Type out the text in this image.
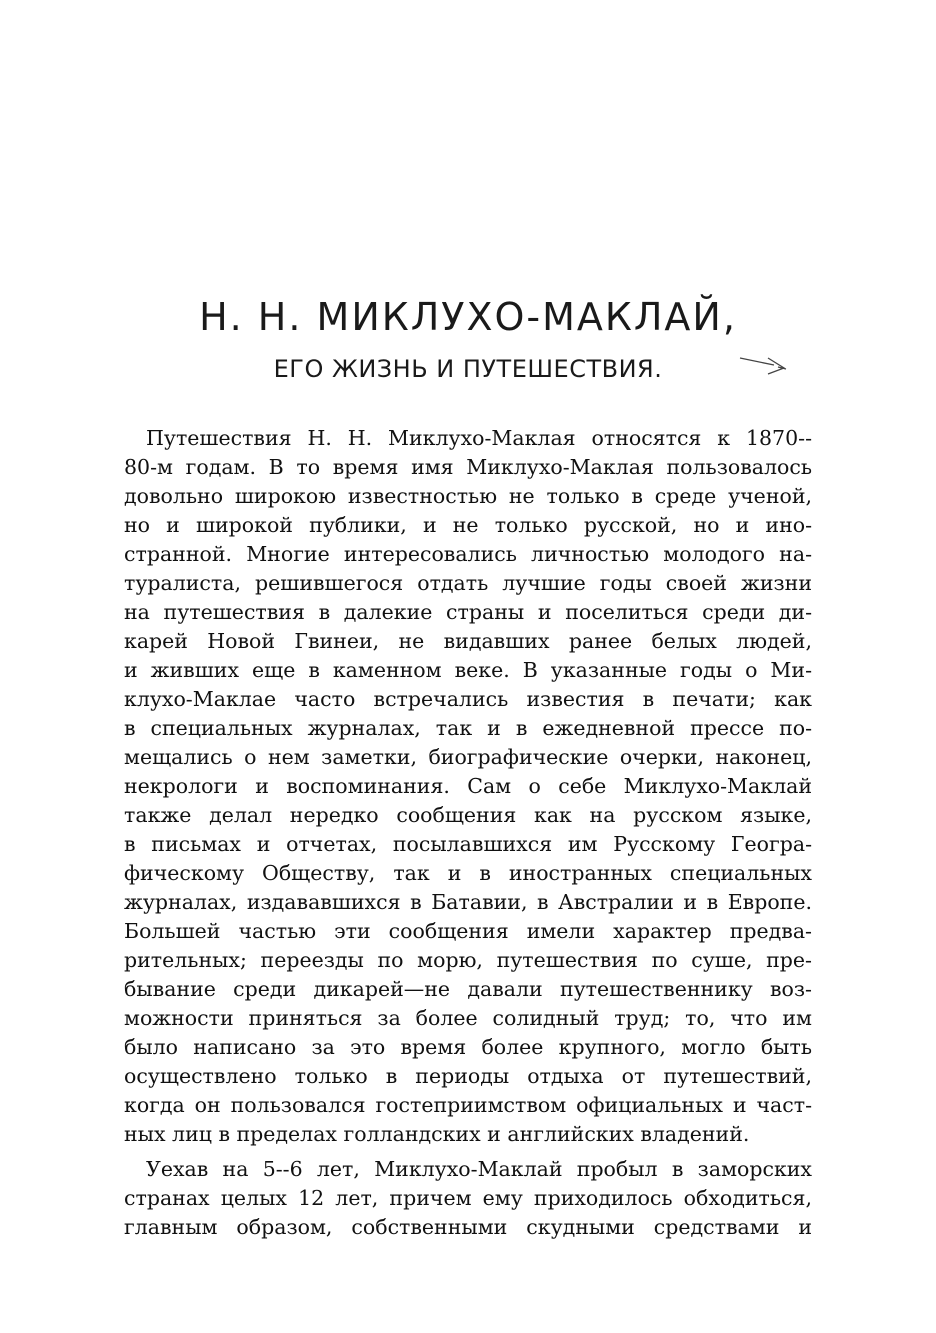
Н. Н. МИКЛУХО-МАКЛАЙ,
ЕГО ЖИЗНЬ И ПУТЕШЕСТВИЯ.
Путешествия Н. Н. Миклухо-Маклая относятся к 1870--
80-м годам. В то время имя Миклухо-Маклая пользовалось
довольно широкою известностью не только в среде ученой,
но и широкой публики, и не только русской, но и ино-
странной. Многие интересовались личностью молодого на-
туралиста, решившегося отдать лучшие годы своей жизни
на путешествия в далекие страны и поселиться среди ди-
карей Новой Гвинеи, не видавших ранее белых людей,
и живших еще в каменном веке. В указанные годы о Ми-
клухо-Маклае часто встречались известия в печати; как
в специальных журналах, так и в ежедневной прессе по-
мещались о нем заметки, биографические очерки, наконец,
некрологи и воспоминания. Сам о себе Миклухо-Маклай
также делал нередко сообщения как на русском языке,
в письмах и отчетах, посылавшихся им Русскому Геогра-
фическому Обществу, так и в иностранных специальных
журналах, издававшихся в Батавии, в Австралии и в Европе.
Большей частью эти сообщения имели характер предва-
рительных; переезды по морю, путешествия по суше, пре-
бывание среди дикарей—не давали путешественнику воз-
можности приняться за более солидный труд; то, что им
было написано за это время более крупного, могло быть
осуществлено только в периоды отдыха от путешествий,
когда он пользовался гостеприимством официальных и част-
ных лиц в пределах голландских и английских владений.
Уехав на 5--6 лет, Миклухо-Маклай пробыл в заморских
странах целых 12 лет, причем ему приходилось обходиться,
главным образом, собственными скудными средствами и
